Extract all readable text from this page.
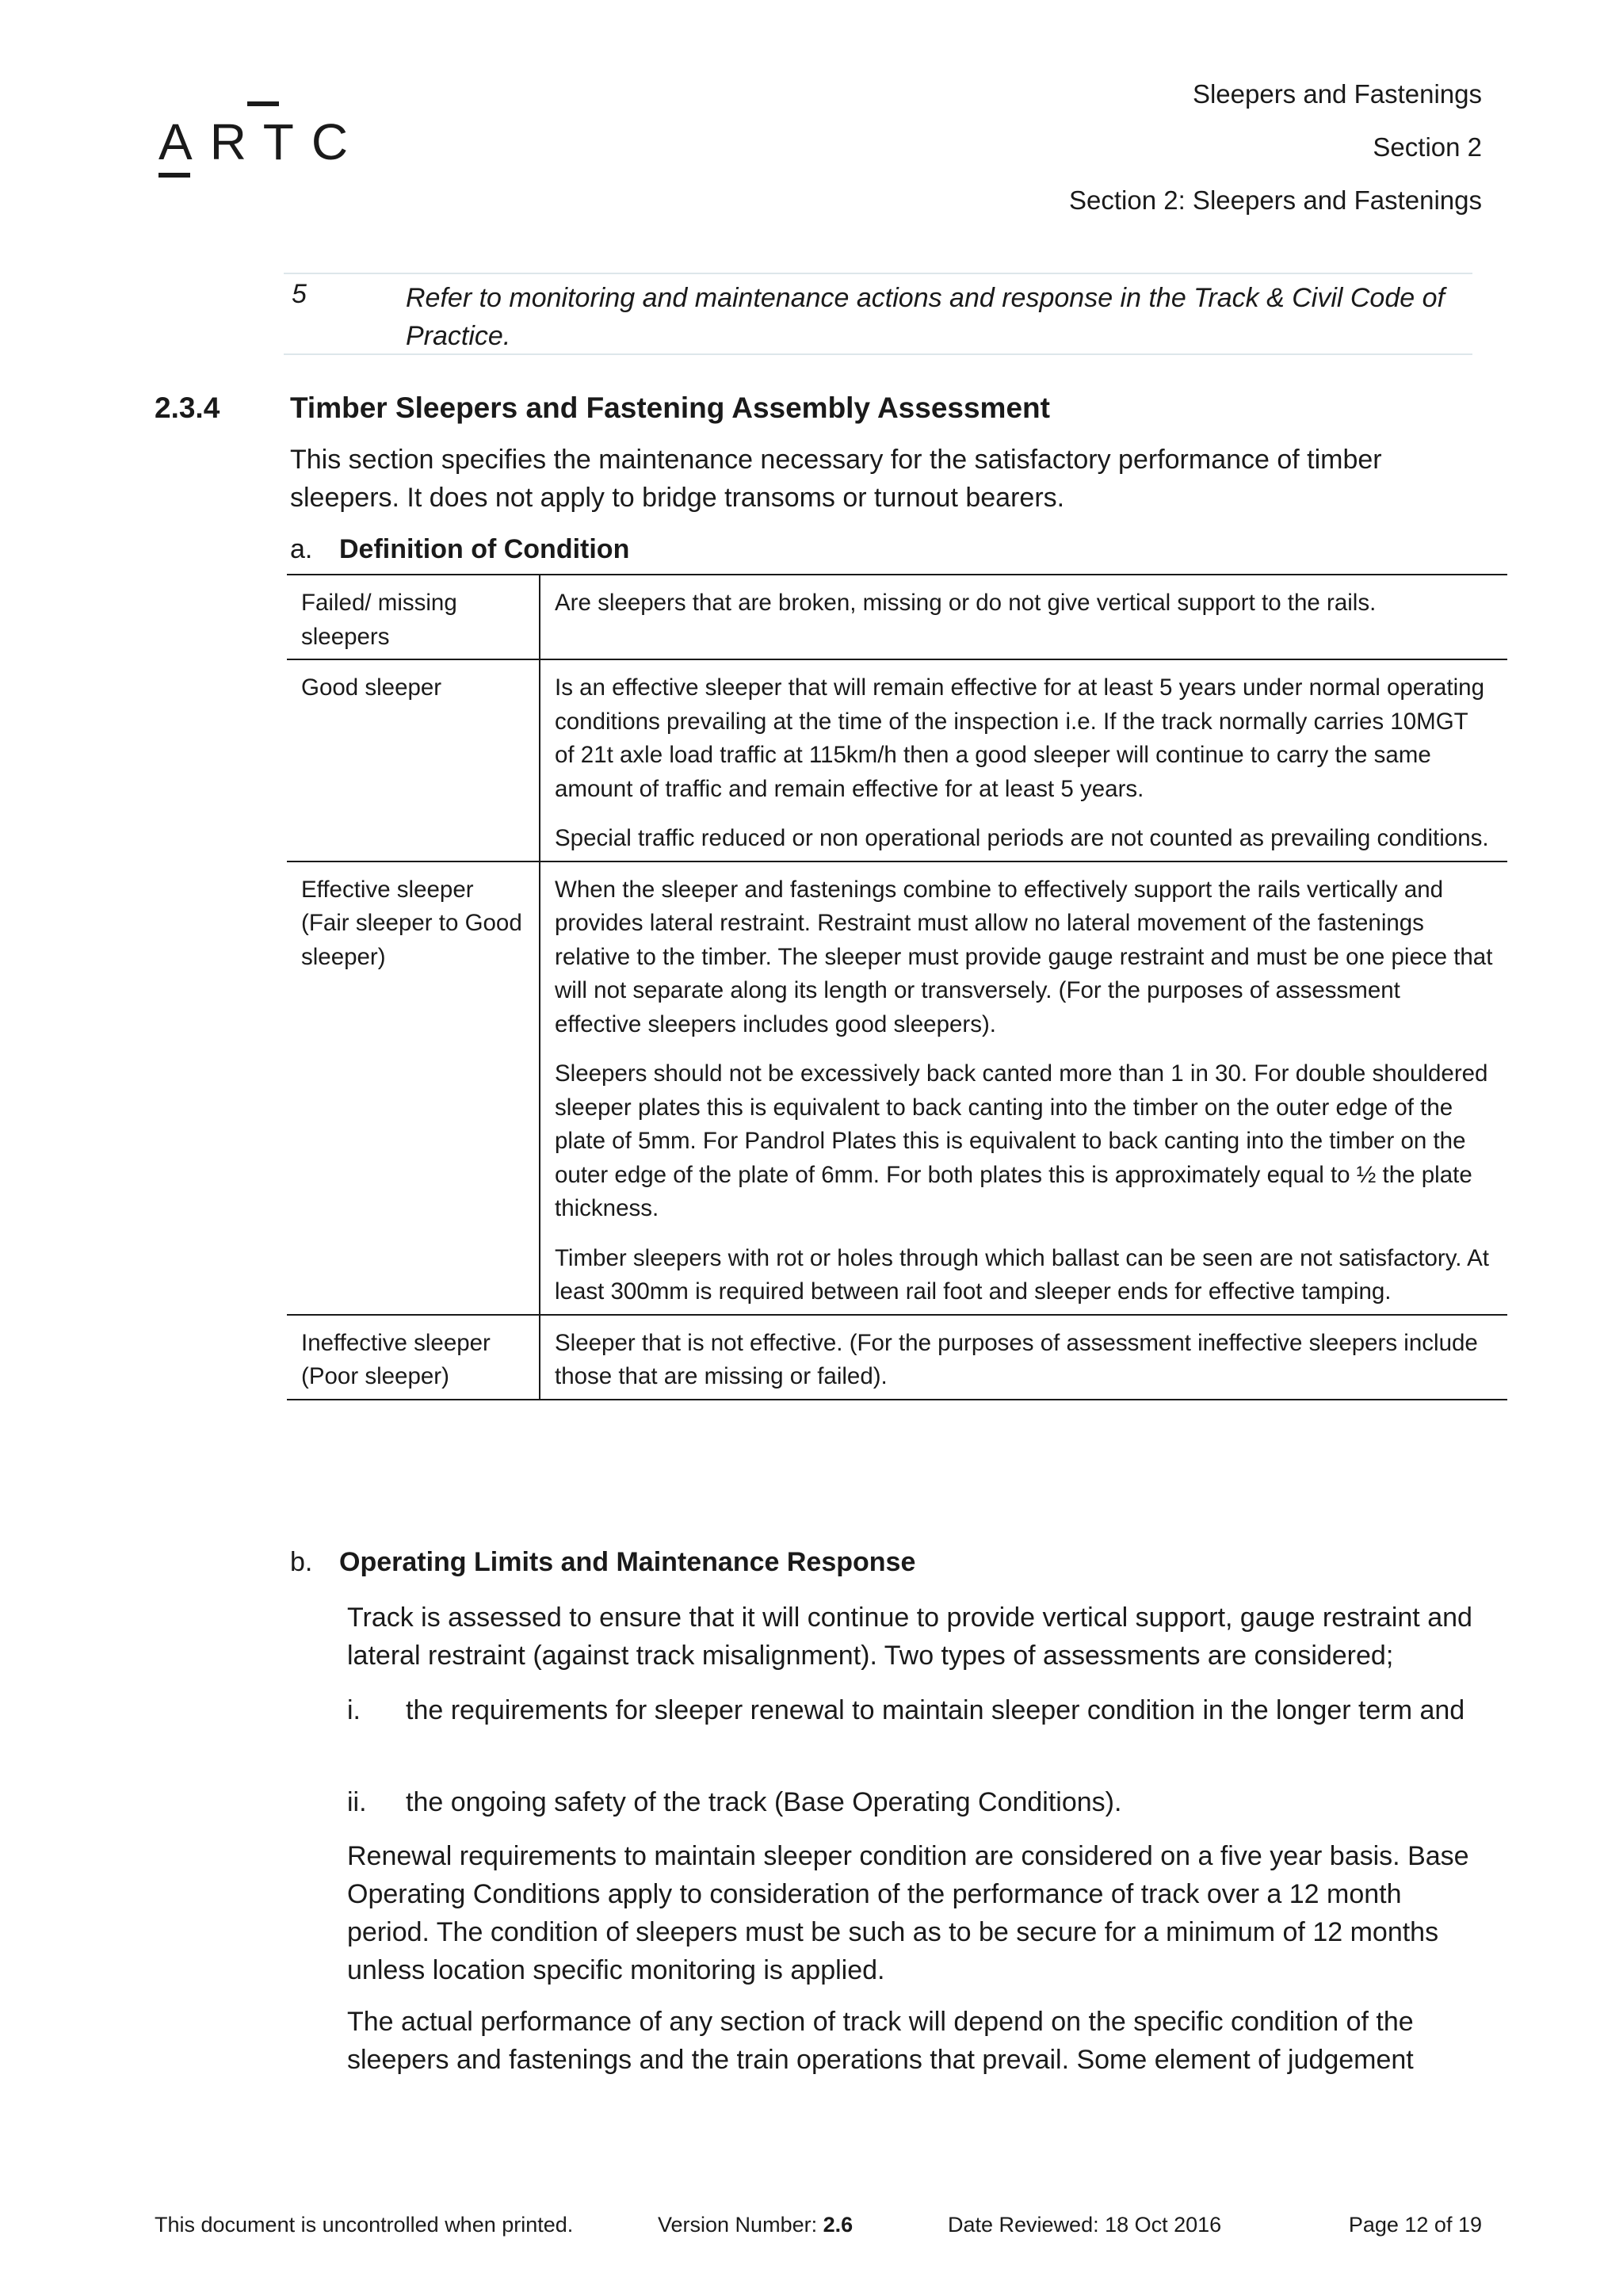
ARTC
Sleepers and Fastenings
Section 2
Section 2: Sleepers and Fastenings
5	Refer to monitoring and maintenance actions and response in the Track & Civil Code of Practice.
2.3.4 Timber Sleepers and Fastening Assembly Assessment
This section specifies the maintenance necessary for the satisfactory performance of timber sleepers. It does not apply to bridge transoms or turnout bearers.
a. Definition of Condition
Failed/ missing sleepers	Are sleepers that are broken, missing or do not give vertical support to the rails.

Good sleeper	Is an effective sleeper that will remain effective for at least 5 years under normal operating conditions prevailing at the time of the inspection i.e. If the track normally carries 10MGT of 21t axle load traffic at 115km/h then a good sleeper will continue to carry the same amount of traffic and remain effective for at least 5 years.

Special traffic reduced or non operational periods are not counted as prevailing conditions.

Effective sleeper (Fair sleeper to Good sleeper)	When the sleeper and fastenings combine to effectively support the rails vertically and provides lateral restraint. Restraint must allow no lateral movement of the fastenings relative to the timber. The sleeper must provide gauge restraint and must be one piece that will not separate along its length or transversely. (For the purposes of assessment effective sleepers includes good sleepers).

Sleepers should not be excessively back canted more than 1 in 30. For double shouldered sleeper plates this is equivalent to back canting into the timber on the outer edge of the plate of 5mm. For Pandrol Plates this is equivalent to back canting into the timber on the outer edge of the plate of 6mm. For both plates this is approximately equal to ½ the plate thickness.

Timber sleepers with rot or holes through which ballast can be seen are not satisfactory. At least 300mm is required between rail foot and sleeper ends for effective tamping.

Ineffective sleeper (Poor sleeper)	Sleeper that is not effective. (For the purposes of assessment ineffective sleepers include those that are missing or failed).

b. Operating Limits and Maintenance Response
Track is assessed to ensure that it will continue to provide vertical support, gauge restraint and lateral restraint (against track misalignment). Two types of assessments are considered;
i. the requirements for sleeper renewal to maintain sleeper condition in the longer term and
ii. the ongoing safety of the track (Base Operating Conditions).
Renewal requirements to maintain sleeper condition are considered on a five year basis. Base Operating Conditions apply to consideration of the performance of track over a 12 month period. The condition of sleepers must be such as to be secure for a minimum of 12 months unless location specific monitoring is applied.
The actual performance of any section of track will depend on the specific condition of the sleepers and fastenings and the train operations that prevail. Some element of judgement
This document is uncontrolled when printed.	Version Number: 2.6	Date Reviewed: 18 Oct 2016	Page 12 of 19
